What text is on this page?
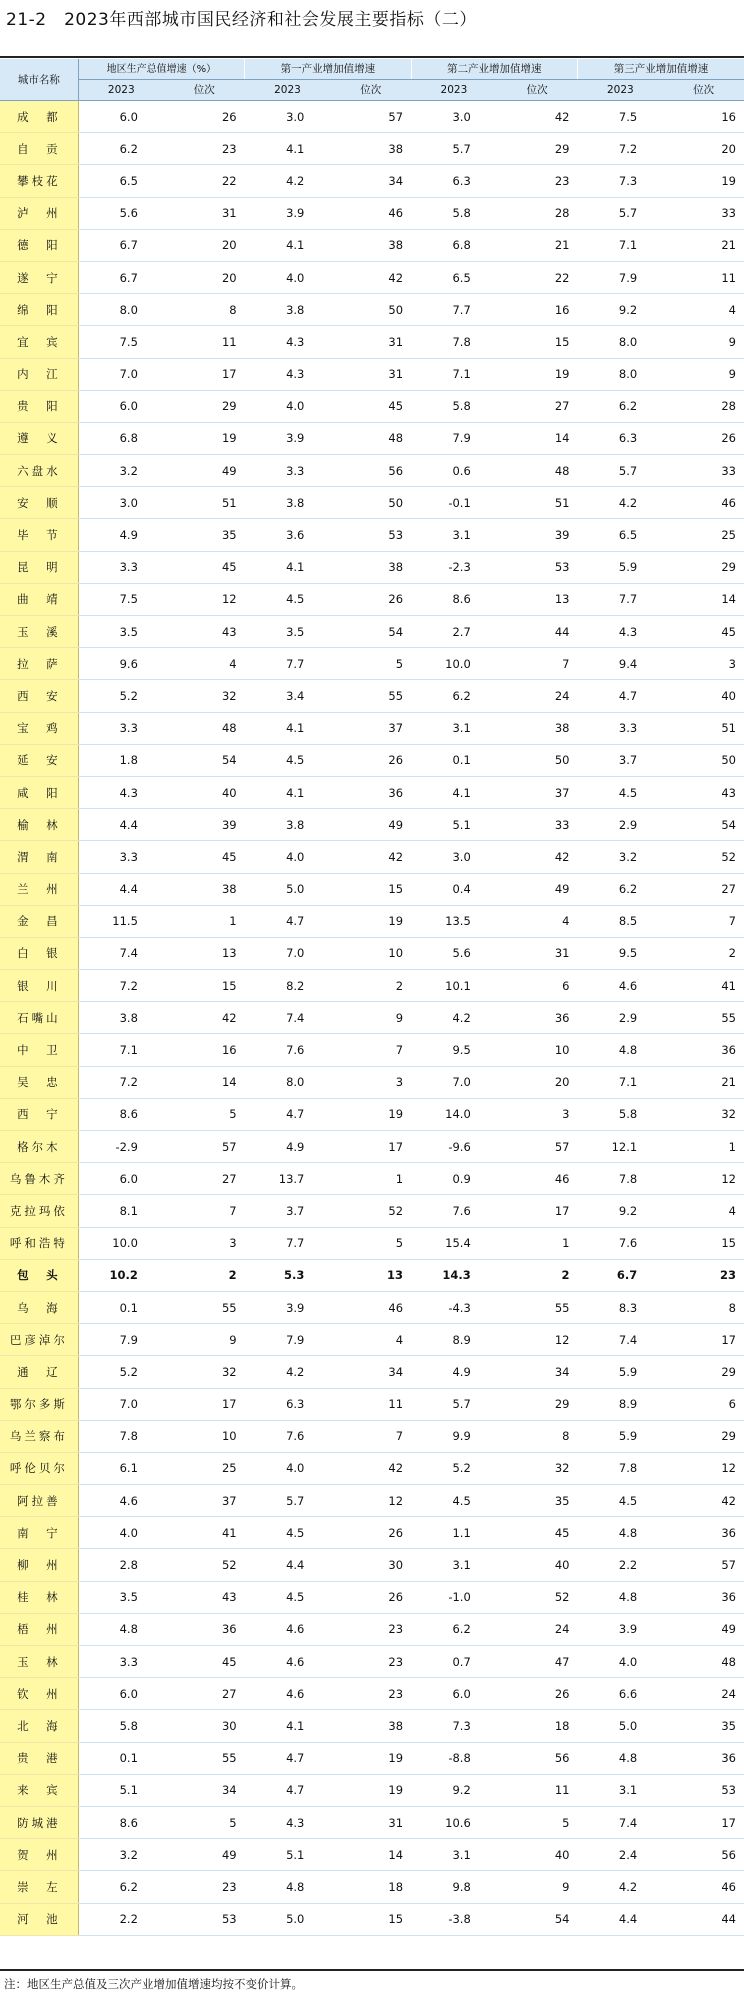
21-2　2023年西部城市国民经济和社会发展主要指标（二）
城市名称	地区生产总值增速（%）		第一产业增加值增速		第二产业增加值增速		第三产业增加值增速	
	2023	位次	2023	位次	2023	位次	2023	位次
成　都	6.0	26	3.0	57	3.0	42	7.5	16
自　贡	6.2	23	4.1	38	5.7	29	7.2	20
攀枝花	6.5	22	4.2	34	6.3	23	7.3	19
泸　州	5.6	31	3.9	46	5.8	28	5.7	33
德　阳	6.7	20	4.1	38	6.8	21	7.1	21
遂　宁	6.7	20	4.0	42	6.5	22	7.9	11
绵　阳	8.0	8	3.8	50	7.7	16	9.2	4
宜　宾	7.5	11	4.3	31	7.8	15	8.0	9
内　江	7.0	17	4.3	31	7.1	19	8.0	9
贵　阳	6.0	29	4.0	45	5.8	27	6.2	28
遵　义	6.8	19	3.9	48	7.9	14	6.3	26
六盘水	3.2	49	3.3	56	0.6	48	5.7	33
安　顺	3.0	51	3.8	50	-0.1	51	4.2	46
毕　节	4.9	35	3.6	53	3.1	39	6.5	25
昆　明	3.3	45	4.1	38	-2.3	53	5.9	29
曲　靖	7.5	12	4.5	26	8.6	13	7.7	14
玉　溪	3.5	43	3.5	54	2.7	44	4.3	45
拉　萨	9.6	4	7.7	5	10.0	7	9.4	3
西　安	5.2	32	3.4	55	6.2	24	4.7	40
宝　鸡	3.3	48	4.1	37	3.1	38	3.3	51
延　安	1.8	54	4.5	26	0.1	50	3.7	50
咸　阳	4.3	40	4.1	36	4.1	37	4.5	43
榆　林	4.4	39	3.8	49	5.1	33	2.9	54
渭　南	3.3	45	4.0	42	3.0	42	3.2	52
兰　州	4.4	38	5.0	15	0.4	49	6.2	27
金　昌	11.5	1	4.7	19	13.5	4	8.5	7
白　银	7.4	13	7.0	10	5.6	31	9.5	2
银　川	7.2	15	8.2	2	10.1	6	4.6	41
石嘴山	3.8	42	7.4	9	4.2	36	2.9	55
中　卫	7.1	16	7.6	7	9.5	10	4.8	36
吴　忠	7.2	14	8.0	3	7.0	20	7.1	21
西　宁	8.6	5	4.7	19	14.0	3	5.8	32
格尔木	-2.9	57	4.9	17	-9.6	57	12.1	1
乌鲁木齐	6.0	27	13.7	1	0.9	46	7.8	12
克拉玛依	8.1	7	3.7	52	7.6	17	9.2	4
呼和浩特	10.0	3	7.7	5	15.4	1	7.6	15
包　头	10.2	2	5.3	13	14.3	2	6.7	23
乌　海	0.1	55	3.9	46	-4.3	55	8.3	8
巴彦淖尔	7.9	9	7.9	4	8.9	12	7.4	17
通　辽	5.2	32	4.2	34	4.9	34	5.9	29
鄂尔多斯	7.0	17	6.3	11	5.7	29	8.9	6
乌兰察布	7.8	10	7.6	7	9.9	8	5.9	29
呼伦贝尔	6.1	25	4.0	42	5.2	32	7.8	12
阿拉善	4.6	37	5.7	12	4.5	35	4.5	42
南　宁	4.0	41	4.5	26	1.1	45	4.8	36
柳　州	2.8	52	4.4	30	3.1	40	2.2	57
桂　林	3.5	43	4.5	26	-1.0	52	4.8	36
梧　州	4.8	36	4.6	23	6.2	24	3.9	49
玉　林	3.3	45	4.6	23	0.7	47	4.0	48
钦　州	6.0	27	4.6	23	6.0	26	6.6	24
北　海	5.8	30	4.1	38	7.3	18	5.0	35
贵　港	0.1	55	4.7	19	-8.8	56	4.8	36
来　宾	5.1	34	4.7	19	9.2	11	3.1	53
防城港	8.6	5	4.3	31	10.6	5	7.4	17
贺　州	3.2	49	5.1	14	3.1	40	2.4	56
崇　左	6.2	23	4.8	18	9.8	9	4.2	46
河　池	2.2	53	5.0	15	-3.8	54	4.4	44
注：地区生产总值及三次产业增加值增速均按不变价计算。
